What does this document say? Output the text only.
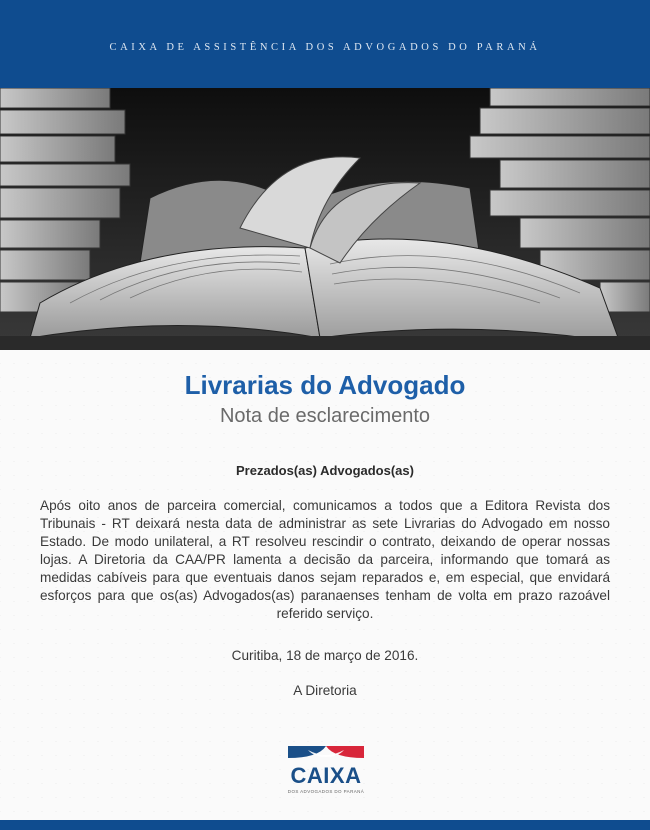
CAIXA DE ASSISTÊNCIA DOS ADVOGADOS DO PARANÁ
Livrarias do Advogado
Nota de esclarecimento
Prezados(as) Advogados(as)
Após oito anos de parceira comercial, comunicamos a todos que a Editora Revista dos Tribunais - RT deixará nesta data de administrar as sete Livrarias do Advogado em nosso Estado. De modo unilateral, a RT resolveu rescindir o contrato, deixando de operar nossas lojas. A Diretoria da CAA/PR lamenta a decisão da parceira, informando que tomará as medidas cabíveis para que eventuais danos sejam reparados e, em especial, que envidará esforços para que os(as) Advogados(as) paranaenses tenham de volta em prazo razoável referido serviço.
Curitiba, 18 de março de 2016.
A Diretoria
CAIXA
DOS ADVOGADOS DO PARANÁ
